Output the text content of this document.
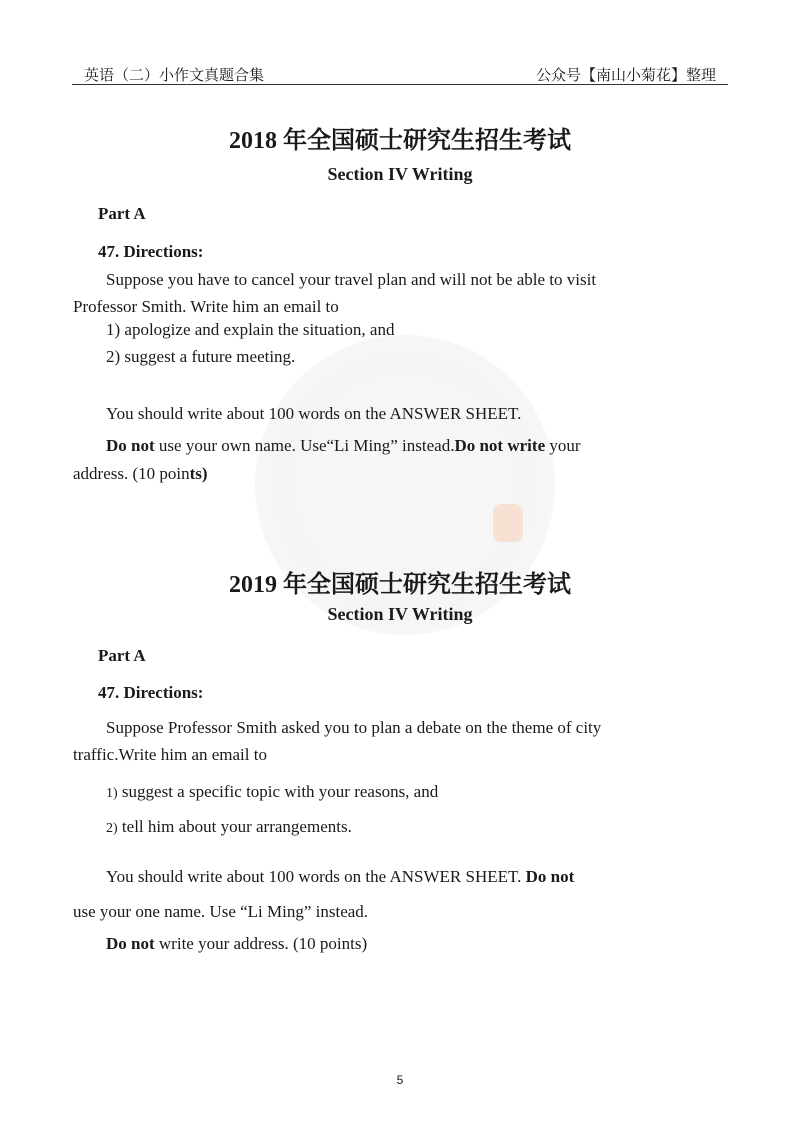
英语（二）小作文真题合集	公众号【南山小菊花】整理
2018 年全国硕士研究生招生考试
Section IV Writing
Part A
47. Directions:
Suppose you have to cancel your travel plan and will not be able to visit
Professor Smith. Write him an email to
1) apologize and explain the situation, and
2) suggest a future meeting.
You should write about 100 words on the ANSWER SHEET.
Do not use your own name. Use“Li Ming” instead.Do not write your
address. (10 points)
2019 年全国硕士研究生招生考试
Section IV Writing
Part A
47. Directions:
Suppose Professor Smith asked you to plan a debate on the theme of city
traffic.Write him an email to
1) suggest a specific topic with your reasons, and
2) tell him about your arrangements.
You should write about 100 words on the ANSWER SHEET. Do not
use your one name. Use “Li Ming” instead.
Do not write your address. (10 points)
5
